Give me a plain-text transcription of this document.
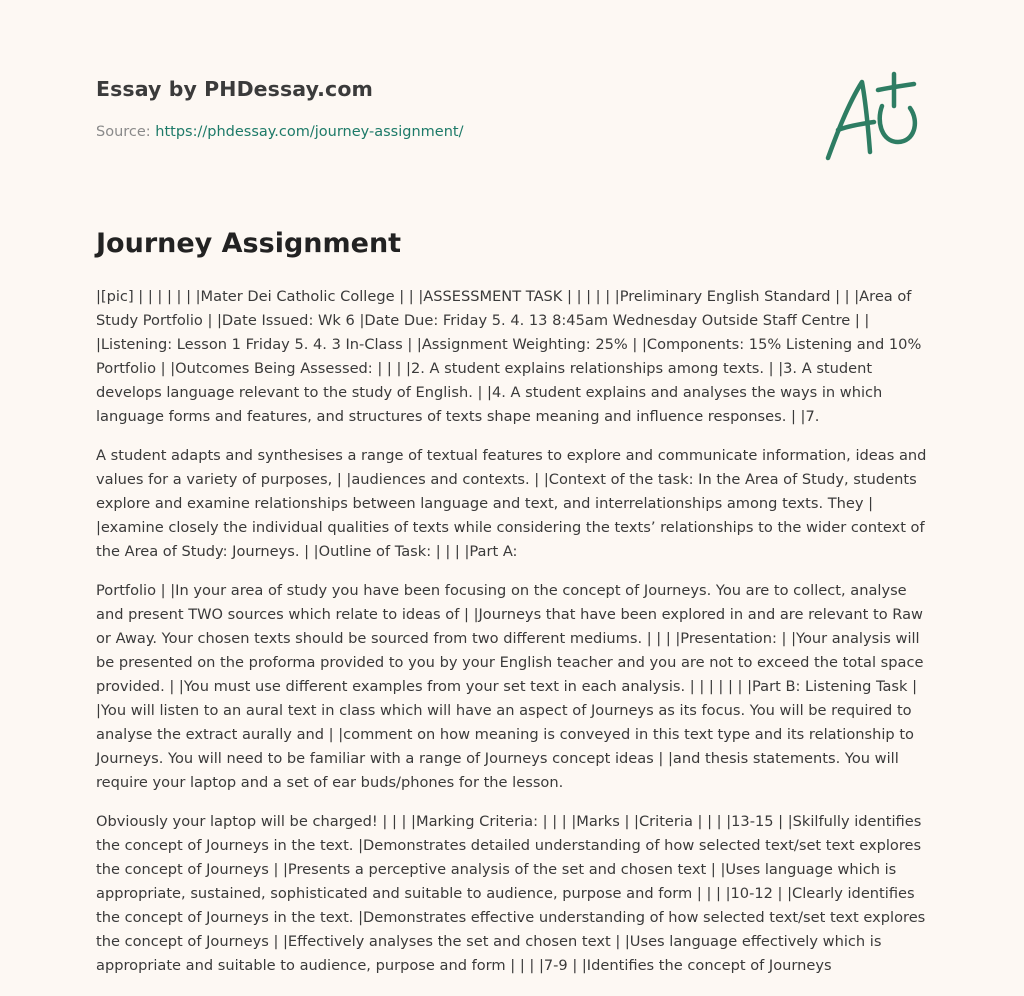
Essay by PHDessay.com
Source: https://phdessay.com/journey-assignment/
Journey Assignment

|[pic] | | | | | | |Mater Dei Catholic College | | |ASSESSMENT TASK | | | | | |Preliminary English Standard | | |Area of Study Portfolio | |Date Issued: Wk 6 |Date Due: Friday 5. 4. 13 8:45am Wednesday Outside Staff Centre | | |Listening: Lesson 1 Friday 5. 4. 3 In-Class | |Assignment Weighting: 25% | |Components: 15% Listening and 10% Portfolio | |Outcomes Being Assessed: | | | |2. A student explains relationships among texts. | |3. A student develops language relevant to the study of English. | |4. A student explains and analyses the ways in which language forms and features, and structures of texts shape meaning and influence responses. | |7.

A student adapts and synthesises a range of textual features to explore and communicate information, ideas and values for a variety of purposes, | |audiences and contexts. | |Context of the task: In the Area of Study, students explore and examine relationships between language and text, and interrelationships among texts. They | |examine closely the individual qualities of texts while considering the texts’ relationships to the wider context of the Area of Study: Journeys. | |Outline of Task: | | | |Part A:

Portfolio | |In your area of study you have been focusing on the concept of Journeys. You are to collect, analyse and present TWO sources which relate to ideas of | |Journeys that have been explored in and are relevant to Raw or Away. Your chosen texts should be sourced from two different mediums. | | | |Presentation: | |Your analysis will be presented on the proforma provided to you by your English teacher and you are not to exceed the total space provided. | |You must use different examples from your set text in each analysis. | | | | | | |Part B: Listening Task | |You will listen to an aural text in class which will have an aspect of Journeys as its focus. You will be required to analyse the extract aurally and | |comment on how meaning is conveyed in this text type and its relationship to Journeys. You will need to be familiar with a range of Journeys concept ideas | |and thesis statements. You will require your laptop and a set of ear buds/phones for the lesson.

Obviously your laptop will be charged! | | | |Marking Criteria: | | | |Marks | |Criteria | | | |13-15 | |Skilfully identifies the concept of Journeys in the text. |Demonstrates detailed understanding of how selected text/set text explores the concept of Journeys | |Presents a perceptive analysis of the set and chosen text | |Uses language which is appropriate, sustained, sophisticated and suitable to audience, purpose and form | | | |10-12 | |Clearly identifies the concept of Journeys in the text. |Demonstrates effective understanding of how selected text/set text explores the concept of Journeys | |Effectively analyses the set and chosen text | |Uses language effectively which is appropriate and suitable to audience, purpose and form | | | |7-9 | |Identifies the concept of Journeys
